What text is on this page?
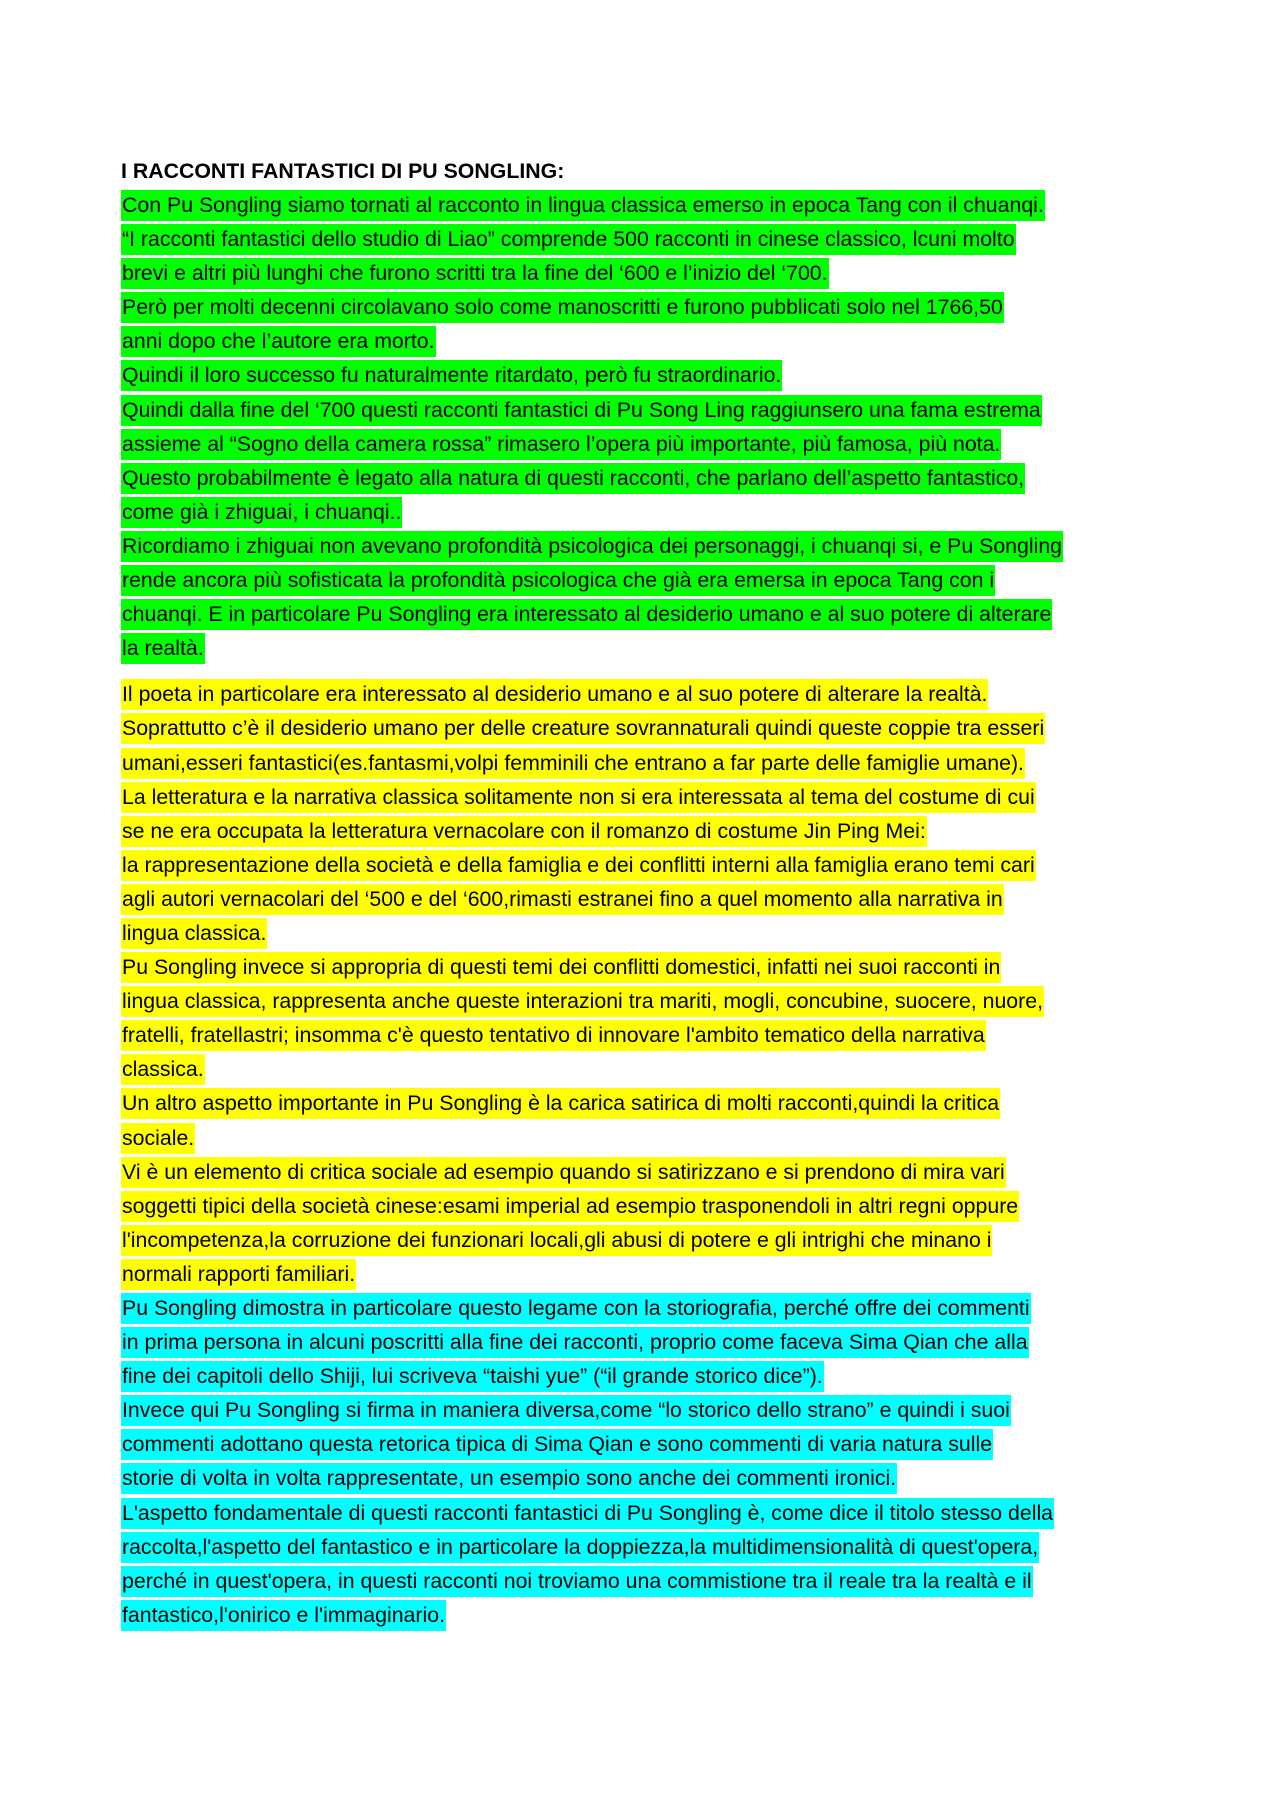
I RACCONTI FANTASTICI DI PU SONGLING:
Con Pu Songling siamo tornati al racconto in lingua classica emerso in epoca Tang con il chuanqi.
“I racconti fantastici dello studio di Liao” comprende 500 racconti in cinese classico, lcuni molto
brevi e altri più lunghi che furono scritti tra la fine del ‘600 e l’inizio del ‘700.
Però per molti decenni circolavano solo come manoscritti e furono pubblicati solo nel 1766,50
anni dopo che l’autore era morto.
Quindi il loro successo fu naturalmente ritardato, però fu straordinario.
Quindi dalla fine del ‘700 questi racconti fantastici di Pu Song Ling raggiunsero una fama estrema
assieme al “Sogno della camera rossa” rimasero l’opera più importante, più famosa, più nota.
Questo probabilmente è legato alla natura di questi racconti, che parlano dell’aspetto fantastico,
come già i zhiguai, i chuanqi..
Ricordiamo i zhiguai non avevano profondità psicologica dei personaggi, i chuanqi si, e Pu Songling
rende ancora più sofisticata la profondità psicologica che già era emersa in epoca Tang con i
chuanqi. E in particolare Pu Songling era interessato al desiderio umano e al suo potere di alterare
la realtà.
Il poeta in particolare era interessato al desiderio umano e al suo potere di alterare la realtà.
Soprattutto c’è il desiderio umano per delle creature sovrannaturali quindi queste coppie tra esseri
umani,esseri fantastici(es.fantasmi,volpi femminili che entrano a far parte delle famiglie umane).
La letteratura e la narrativa classica solitamente non si era interessata al tema del costume di cui
se ne era occupata la letteratura vernacolare con il romanzo di costume Jin Ping Mei:
la rappresentazione della società e della famiglia e dei conflitti interni alla famiglia erano temi cari
agli autori vernacolari del ‘500 e del ‘600,rimasti estranei fino a quel momento alla narrativa in
lingua classica.
Pu Songling invece si appropria di questi temi dei conflitti domestici, infatti nei suoi racconti in
lingua classica, rappresenta anche queste interazioni tra mariti, mogli, concubine, suocere, nuore,
fratelli, fratellastri; insomma c'è questo tentativo di innovare l'ambito tematico della narrativa
classica.
Un altro aspetto importante in Pu Songling è la carica satirica di molti racconti,quindi la critica
sociale.
Vi è un elemento di critica sociale ad esempio quando si satirizzano e si prendono di mira vari
soggetti tipici della società cinese:esami imperial ad esempio trasponendoli in altri regni oppure
l'incompetenza,la corruzione dei funzionari locali,gli abusi di potere e gli intrighi che minano i
normali rapporti familiari.
Pu Songling dimostra in particolare questo legame con la storiografia, perché offre dei commenti
in prima persona in alcuni poscritti alla fine dei racconti, proprio come faceva Sima Qian che alla
fine dei capitoli dello Shiji, lui scriveva “taishi yue” (“il grande storico dice”).
Invece qui Pu Songling si firma in maniera diversa,come “lo storico dello strano” e quindi i suoi
commenti adottano questa retorica tipica di Sima Qian e sono commenti di varia natura sulle
storie di volta in volta rappresentate, un esempio sono anche dei commenti ironici.
L'aspetto fondamentale di questi racconti fantastici di Pu Songling è, come dice il titolo stesso della
raccolta,l'aspetto del fantastico e in particolare la doppiezza,la multidimensionalità di quest'opera,
perché in quest'opera, in questi racconti noi troviamo una commistione tra il reale tra la realtà e il
fantastico,l'onirico e l'immaginario.
